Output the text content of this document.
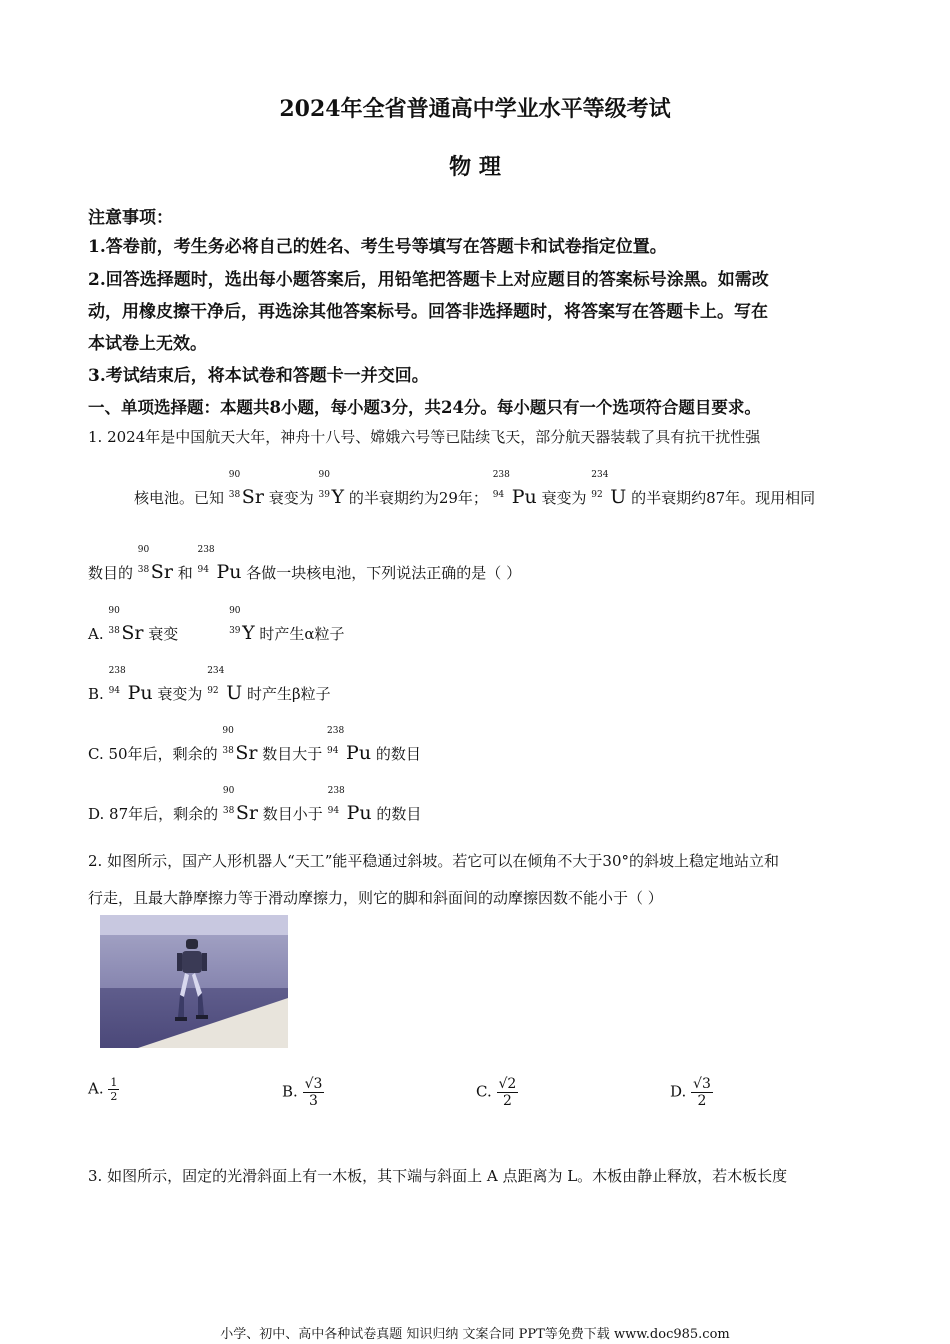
2024年全省普通高中学业水平等级考试
物 理
注意事项：
1.答卷前，考生务必将自己的姓名、考生号等填写在答题卡和试卷指定位置。
2.回答选择题时，选出每小题答案后，用铅笔把答题卡上对应题目的答案标号涂黑。如需改
动，用橡皮擦干净后，再选涂其他答案标号。回答非选择题时，将答案写在答题卡上。写在
本试卷上无效。
3.考试结束后，将本试卷和答题卡一并交回。
一、单项选择题：本题共8小题，每小题3分，共24分。每小题只有一个选项符合题目要求。
1. 2024年是中国航天大年，神舟十八号、嫦娥六号等已陆续飞天，部分航天器装载了具有抗干扰性强
核电池。已知
90
38 Sr 衰变为
90
39 Y 的半衰期约为29年；
238
94 Pu 衰变为
234
92 U 的半衰期约87年。现用相同
数目的
90
38 Sr 和
238
94 Pu 各做一块核电池，下列说法正确的是（ ）
A.
90
38 Sr 衰变
90
39 Y 时产生α粒子
B.
238
94 Pu 衰变为
234
92 U 时产生β粒子
C. 50年后，剩余的
90
38 Sr 数目大于
238
94 Pu 的数目
D. 87年后，剩余的
90
38 Sr 数目小于
238
94 Pu 的数目
2. 如图所示，国产人形机器人“天工”能平稳通过斜坡。若它可以在倾角不大于30°的斜坡上稳定地站立和
行走，且最大静摩擦力等于滑动摩擦力，则它的脚和斜面间的动摩擦因数不能小于（ ）
A. $\frac{1}{2}$	B. $\frac{√3}{3}$	C. $\frac{√2}{2}$	D. $\frac{√3}{2}$
3. 如图所示，固定的光滑斜面上有一木板，其下端与斜面上 A 点距离为 L。木板由静止释放，若木板长度
小学、初中、高中各种试卷真题 知识归纳 文案合同 PPT等免费下载 www.doc985.com
